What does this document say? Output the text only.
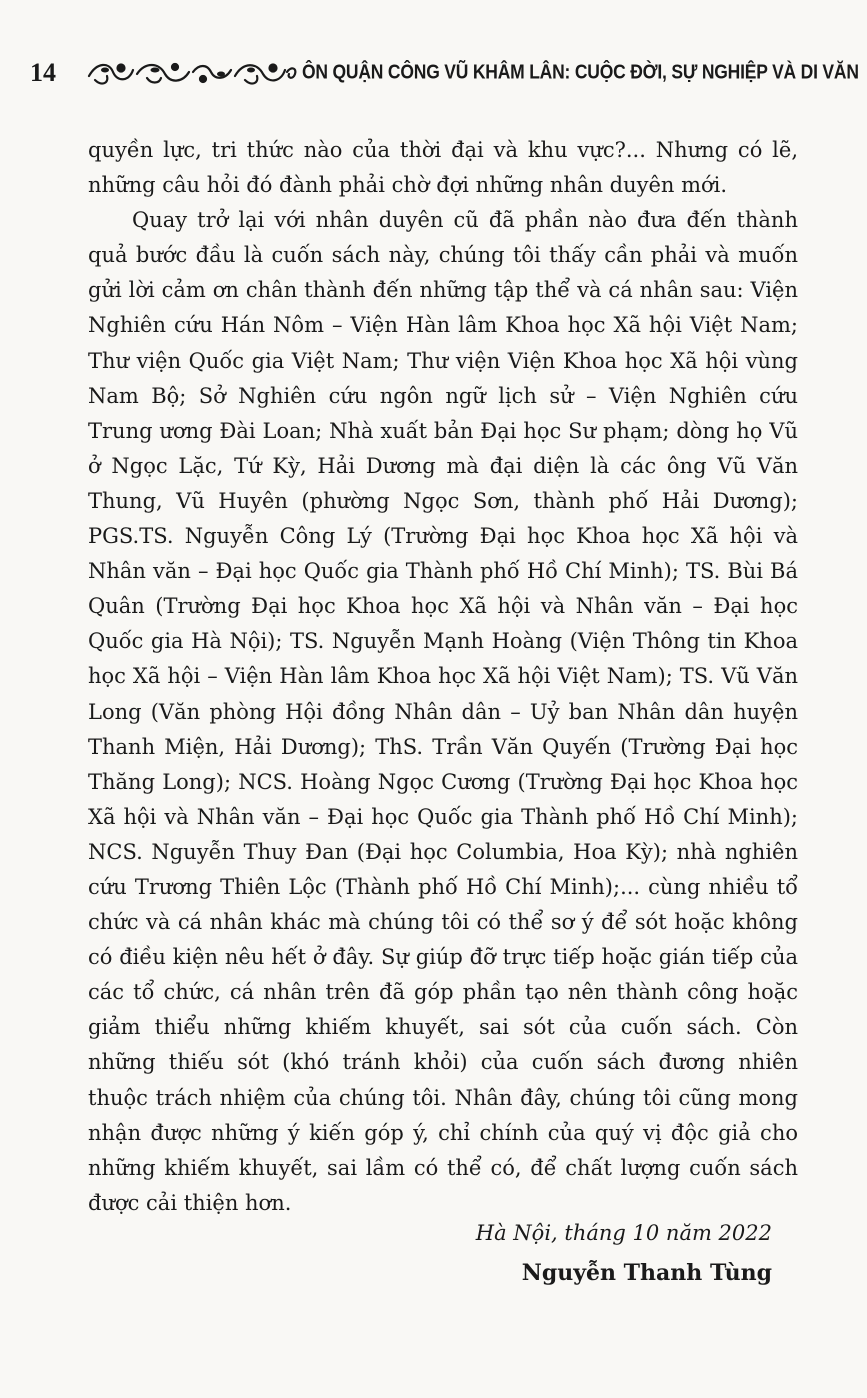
14	ÔN QUẬN CÔNG VŨ KHÂM LÂN: CUỘC ĐỜI, SỰ NGHIỆP VÀ DI VĂN

quyền lực, tri thức nào của thời đại và khu vực?... Nhưng có lẽ, những câu hỏi đó đành phải chờ đợi những nhân duyên mới.

Quay trở lại với nhân duyên cũ đã phần nào đưa đến thành quả bước đầu là cuốn sách này, chúng tôi thấy cần phải và muốn gửi lời cảm ơn chân thành đến những tập thể và cá nhân sau: Viện Nghiên cứu Hán Nôm – Viện Hàn lâm Khoa học Xã hội Việt Nam; Thư viện Quốc gia Việt Nam; Thư viện Viện Khoa học Xã hội vùng Nam Bộ; Sở Nghiên cứu ngôn ngữ lịch sử – Viện Nghiên cứu Trung ương Đài Loan; Nhà xuất bản Đại học Sư phạm; dòng họ Vũ ở Ngọc Lặc, Tứ Kỳ, Hải Dương mà đại diện là các ông Vũ Văn Thung, Vũ Huyên (phường Ngọc Sơn, thành phố Hải Dương); PGS.TS. Nguyễn Công Lý (Trường Đại học Khoa học Xã hội và Nhân văn – Đại học Quốc gia Thành phố Hồ Chí Minh); TS. Bùi Bá Quân (Trường Đại học Khoa học Xã hội và Nhân văn – Đại học Quốc gia Hà Nội); TS. Nguyễn Mạnh Hoàng (Viện Thông tin Khoa học Xã hội – Viện Hàn lâm Khoa học Xã hội Việt Nam); TS. Vũ Văn Long (Văn phòng Hội đồng Nhân dân – Uỷ ban Nhân dân huyện Thanh Miện, Hải Dương); ThS. Trần Văn Quyến (Trường Đại học Thăng Long); NCS. Hoàng Ngọc Cương (Trường Đại học Khoa học Xã hội và Nhân văn – Đại học Quốc gia Thành phố Hồ Chí Minh); NCS. Nguyễn Thuy Đan (Đại học Columbia, Hoa Kỳ); nhà nghiên cứu Trương Thiên Lộc (Thành phố Hồ Chí Minh);... cùng nhiều tổ chức và cá nhân khác mà chúng tôi có thể sơ ý để sót hoặc không có điều kiện nêu hết ở đây. Sự giúp đỡ trực tiếp hoặc gián tiếp của các tổ chức, cá nhân trên đã góp phần tạo nên thành công hoặc giảm thiểu những khiếm khuyết, sai sót của cuốn sách. Còn những thiếu sót (khó tránh khỏi) của cuốn sách đương nhiên thuộc trách nhiệm của chúng tôi. Nhân đây, chúng tôi cũng mong nhận được những ý kiến góp ý, chỉ chính của quý vị độc giả cho những khiếm khuyết, sai lầm có thể có, để chất lượng cuốn sách được cải thiện hơn.

Hà Nội, tháng 10 năm 2022
Nguyễn Thanh Tùng
